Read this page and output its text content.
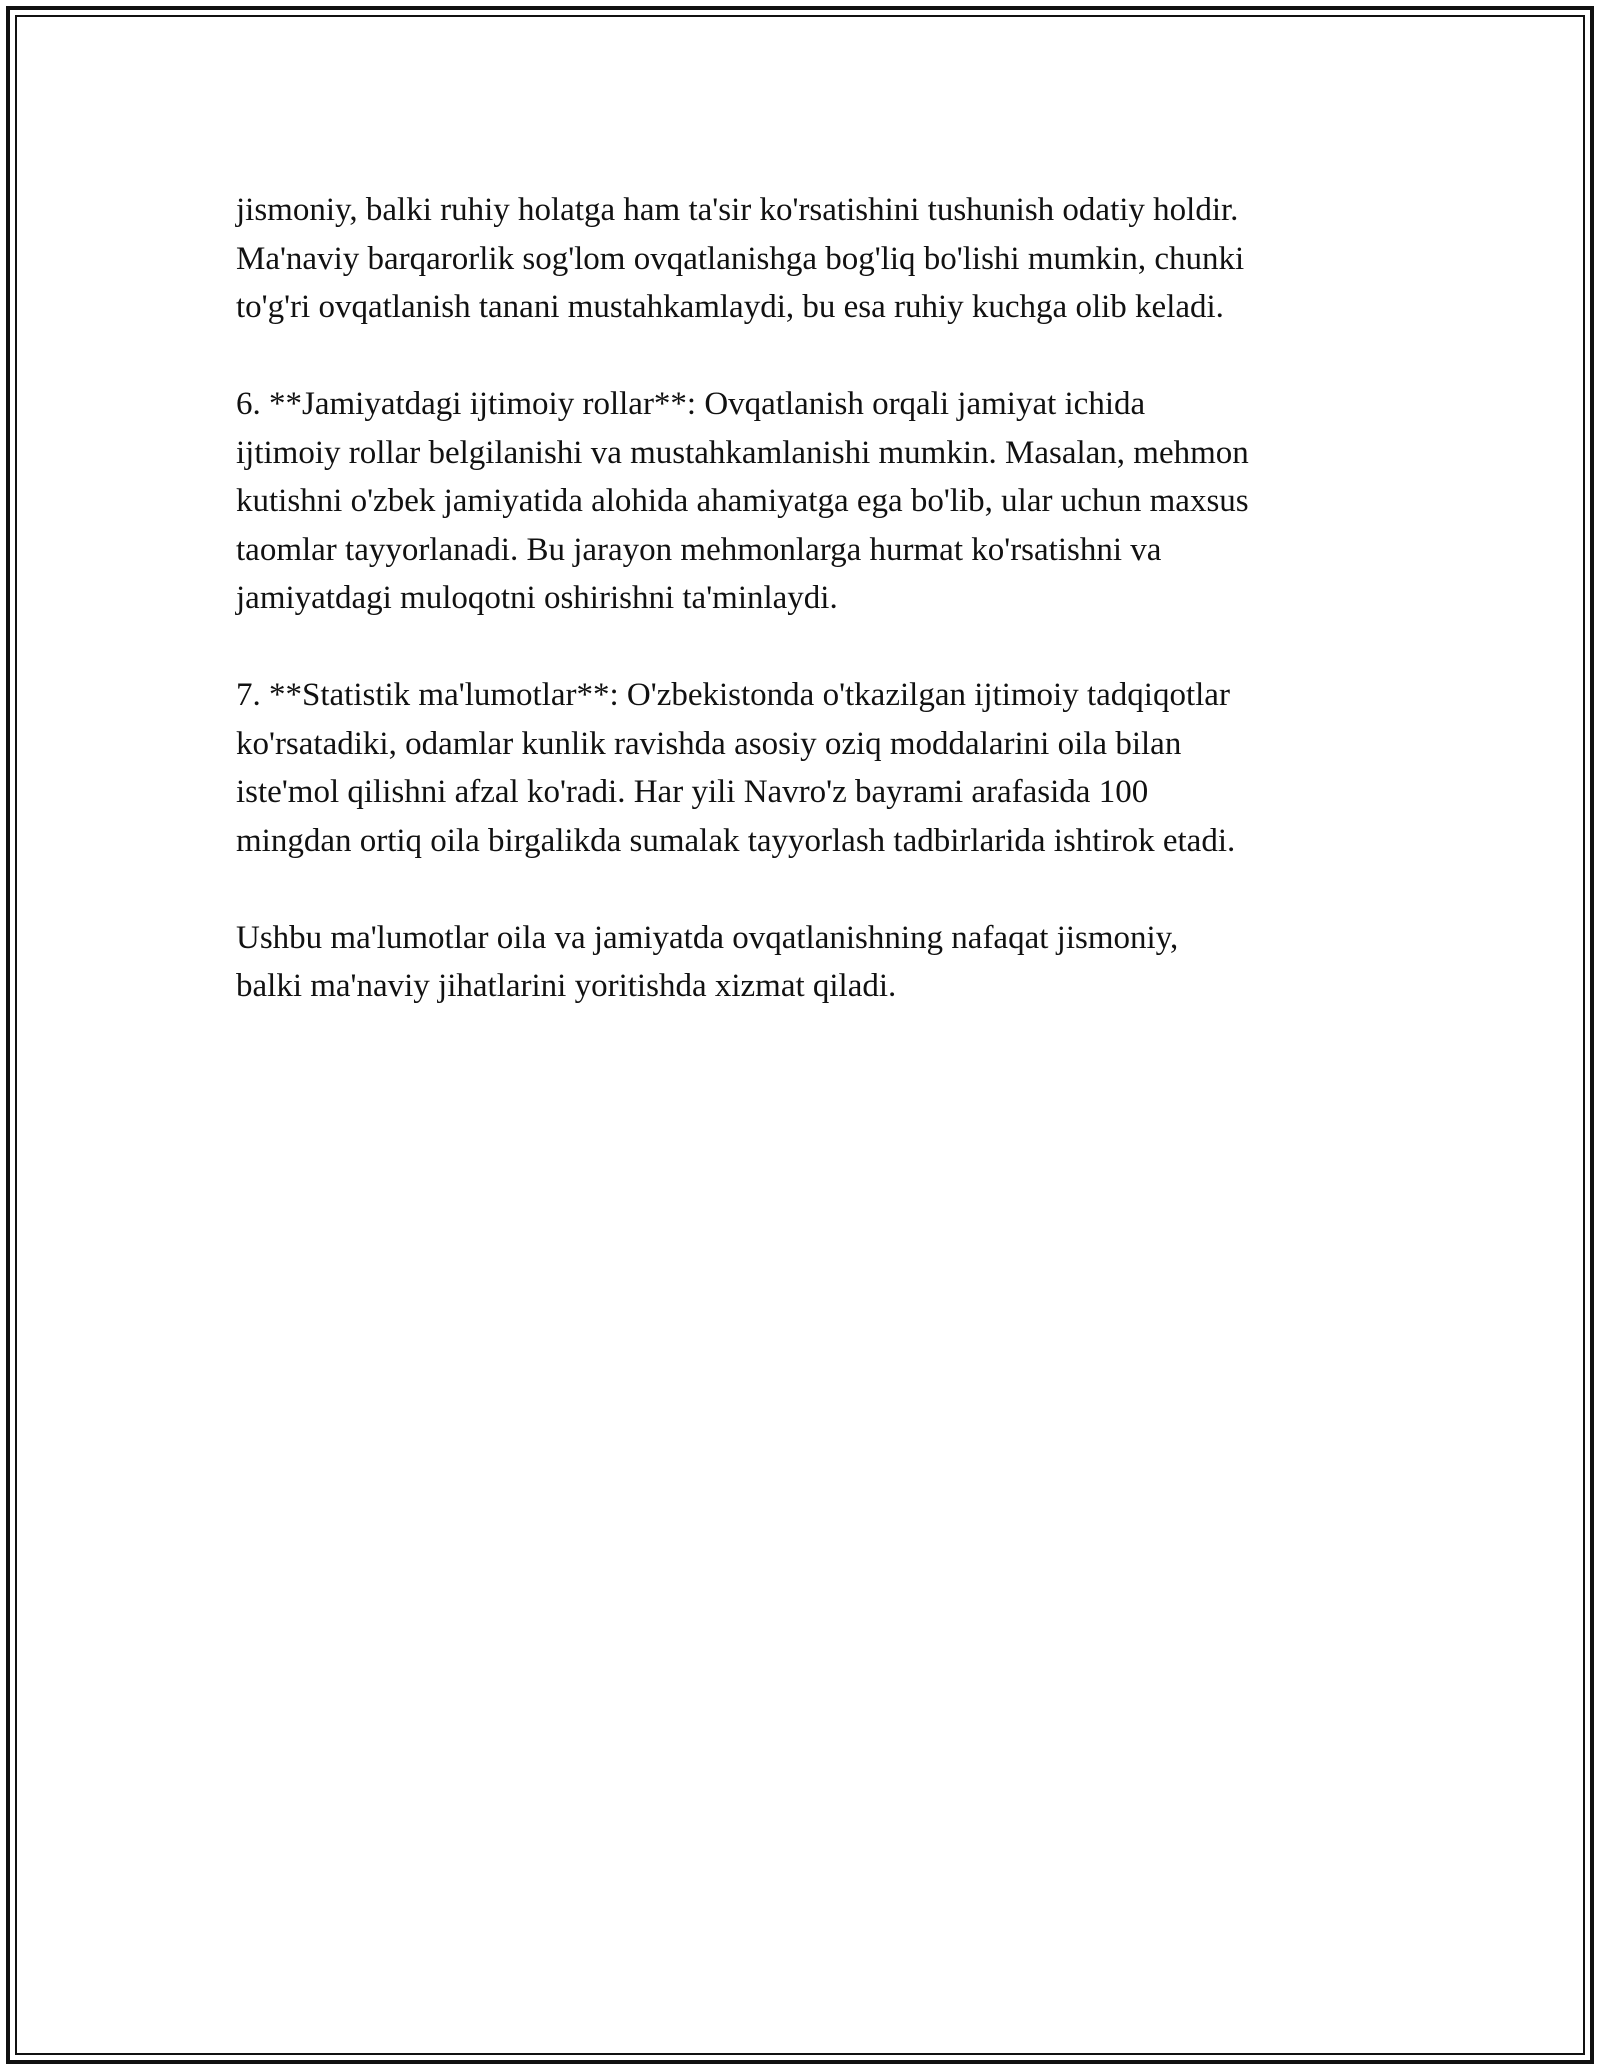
jismoniy, balki ruhiy holatga ham ta'sir ko'rsatishini tushunish odatiy holdir.
Ma'naviy barqarorlik sog'lom ovqatlanishga bog'liq bo'lishi mumkin, chunki
to'g'ri ovqatlanish tanani mustahkamlaydi, bu esa ruhiy kuchga olib keladi.
6. **Jamiyatdagi ijtimoiy rollar**: Ovqatlanish orqali jamiyat ichida
ijtimoiy rollar belgilanishi va mustahkamlanishi mumkin. Masalan, mehmon
kutishni o'zbek jamiyatida alohida ahamiyatga ega bo'lib, ular uchun maxsus
taomlar tayyorlanadi. Bu jarayon mehmonlarga hurmat ko'rsatishni va
jamiyatdagi muloqotni oshirishni ta'minlaydi.
7. **Statistik ma'lumotlar**: O'zbekistonda o'tkazilgan ijtimoiy tadqiqotlar
ko'rsatadiki, odamlar kunlik ravishda asosiy oziq moddalarini oila bilan
iste'mol qilishni afzal ko'radi. Har yili Navro'z bayrami arafasida 100
mingdan ortiq oila birgalikda sumalak tayyorlash tadbirlarida ishtirok etadi.
Ushbu ma'lumotlar oila va jamiyatda ovqatlanishning nafaqat jismoniy,
balki ma'naviy jihatlarini yoritishda xizmat qiladi.
